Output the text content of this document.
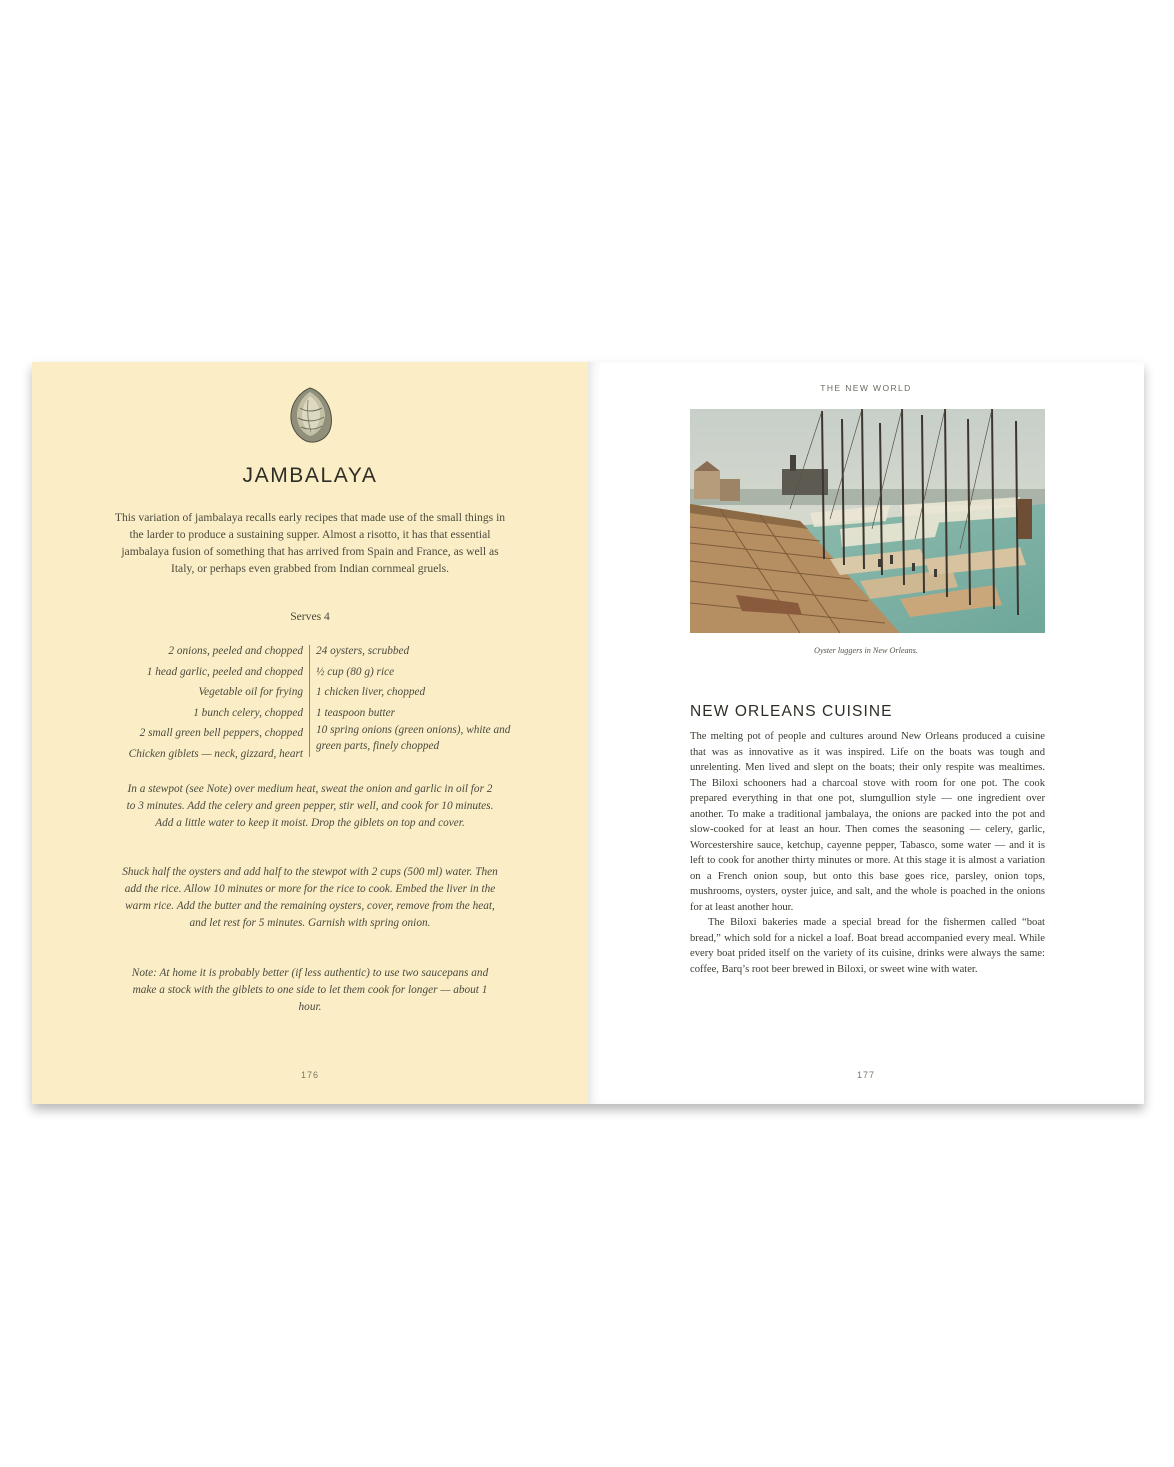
JAMBALAYA
This variation of jambalaya recalls early recipes that made use of the small things in the larder to produce a sustaining supper. Almost a risotto, it has that essential jambalaya fusion of something that has arrived from Spain and France, as well as Italy, or perhaps even grabbed from Indian cornmeal gruels.
Serves 4
2 onions, peeled and chopped
1 head garlic, peeled and chopped
Vegetable oil for frying
1 bunch celery, chopped
2 small green bell peppers, chopped
Chicken giblets — neck, gizzard, heart
24 oysters, scrubbed
½ cup (80 g) rice
1 chicken liver, chopped
1 teaspoon butter
10 spring onions (green onions), white and green parts, finely chopped
In a stewpot (see Note) over medium heat, sweat the onion and garlic in oil for 2 to 3 minutes. Add the celery and green pepper, stir well, and cook for 10 minutes. Add a little water to keep it moist. Drop the giblets on top and cover.
Shuck half the oysters and add half to the stewpot with 2 cups (500 ml) water. Then add the rice. Allow 10 minutes or more for the rice to cook. Embed the liver in the warm rice. Add the butter and the remaining oysters, cover, remove from the heat, and let rest for 5 minutes. Garnish with spring onion.
Note: At home it is probably better (if less authentic) to use two saucepans and make a stock with the giblets to one side to let them cook for longer — about 1 hour.
176
THE NEW WORLD
Oyster luggers in New Orleans.
NEW ORLEANS CUISINE

The melting pot of people and cultures around New Orleans produced a cuisine that was as innovative as it was inspired. Life on the boats was tough and unrelenting. Men lived and slept on the boats; their only respite was mealtimes. The Biloxi schooners had a charcoal stove with room for one pot. The cook prepared everything in that one pot, slumgullion style — one ingredient over another. To make a traditional jambalaya, the onions are packed into the pot and slow-cooked for at least an hour. Then comes the seasoning — celery, garlic, Worcestershire sauce, ketchup, cayenne pepper, Tabasco, some water — and it is left to cook for another thirty minutes or more. At this stage it is almost a variation on a French onion soup, but onto this base goes rice, parsley, onion tops, mushrooms, oysters, oyster juice, and salt, and the whole is poached in the onions for at least another hour.

The Biloxi bakeries made a special bread for the fishermen called “boat bread,” which sold for a nickel a loaf. Boat bread accompanied every meal. While every boat prided itself on the variety of its cuisine, drinks were always the same: coffee, Barq’s root beer brewed in Biloxi, or sweet wine with water.

177
